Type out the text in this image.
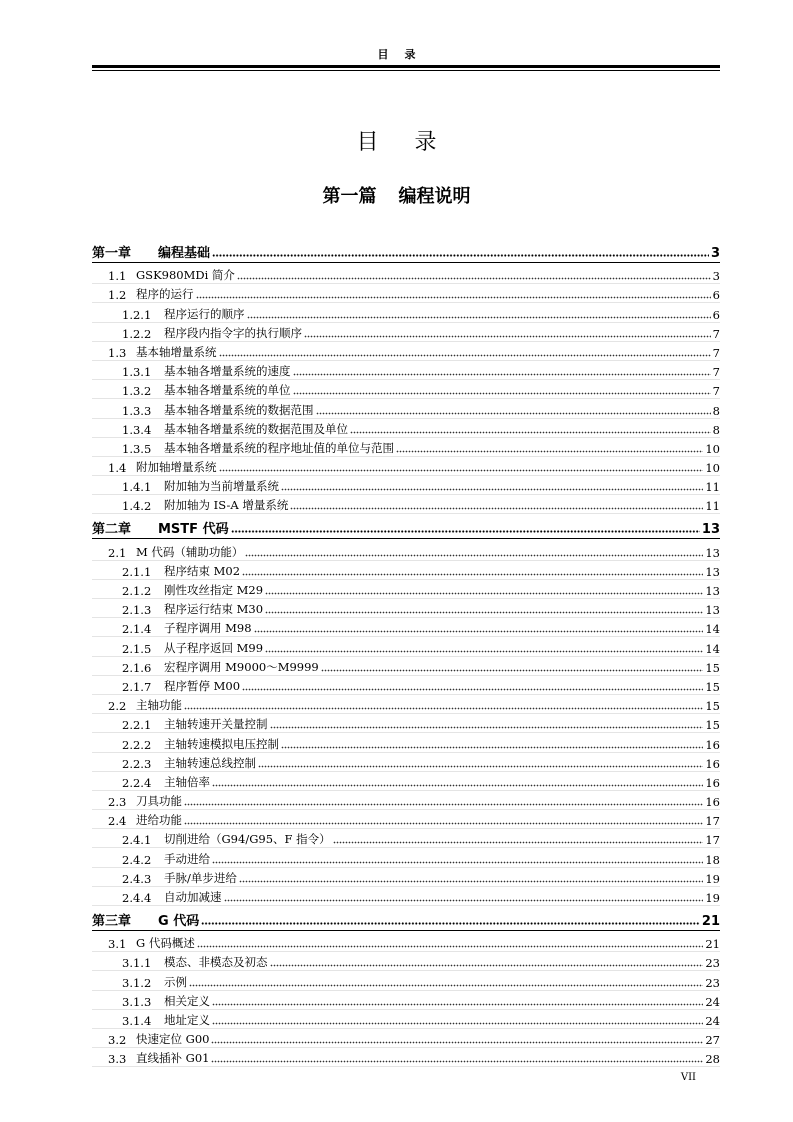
目 录
目 录
第一篇 编程说明
第一章	编程基础	3
1.1 GSK980MDi 简介	3
1.2 程序的运行	6
1.2.1	程序运行的顺序	6
1.2.2	程序段内指令字的执行顺序	7
1.3 基本轴增量系统	7
1.3.1	基本轴各增量系统的速度	7
1.3.2	基本轴各增量系统的单位	7
1.3.3	基本轴各增量系统的数据范围	8
1.3.4	基本轴各增量系统的数据范围及单位	8
1.3.5	基本轴各增量系统的程序地址值的单位与范围	10
1.4 附加轴增量系统	10
1.4.1	附加轴为当前增量系统	11
1.4.2	附加轴为 IS-A 增量系统	11
第二章	MSTF 代码	13
2.1 M 代码（辅助功能）	13
2.1.1	程序结束 M02	13
2.1.2	刚性攻丝指定 M29	13
2.1.3	程序运行结束 M30	13
2.1.4	子程序调用 M98	14
2.1.5	从子程序返回 M99	14
2.1.6	宏程序调用 M9000～M9999	15
2.1.7	程序暂停 M00	15
2.2 主轴功能	15
2.2.1	主轴转速开关量控制	15
2.2.2	主轴转速模拟电压控制	16
2.2.3	主轴转速总线控制	16
2.2.4	主轴倍率	16
2.3 刀具功能	16
2.4 进给功能	17
2.4.1	切削进给（G94/G95、F 指令）	17
2.4.2	手动进给	18
2.4.3	手脉/单步进给	19
2.4.4	自动加减速	19
第三章	G 代码	21
3.1 G 代码概述	21
3.1.1	模态、非模态及初态	23
3.1.2	示例	23
3.1.3	相关定义	24
3.1.4	地址定义	24
3.2 快速定位 G00	27
3.3 直线插补 G01	28
VII
